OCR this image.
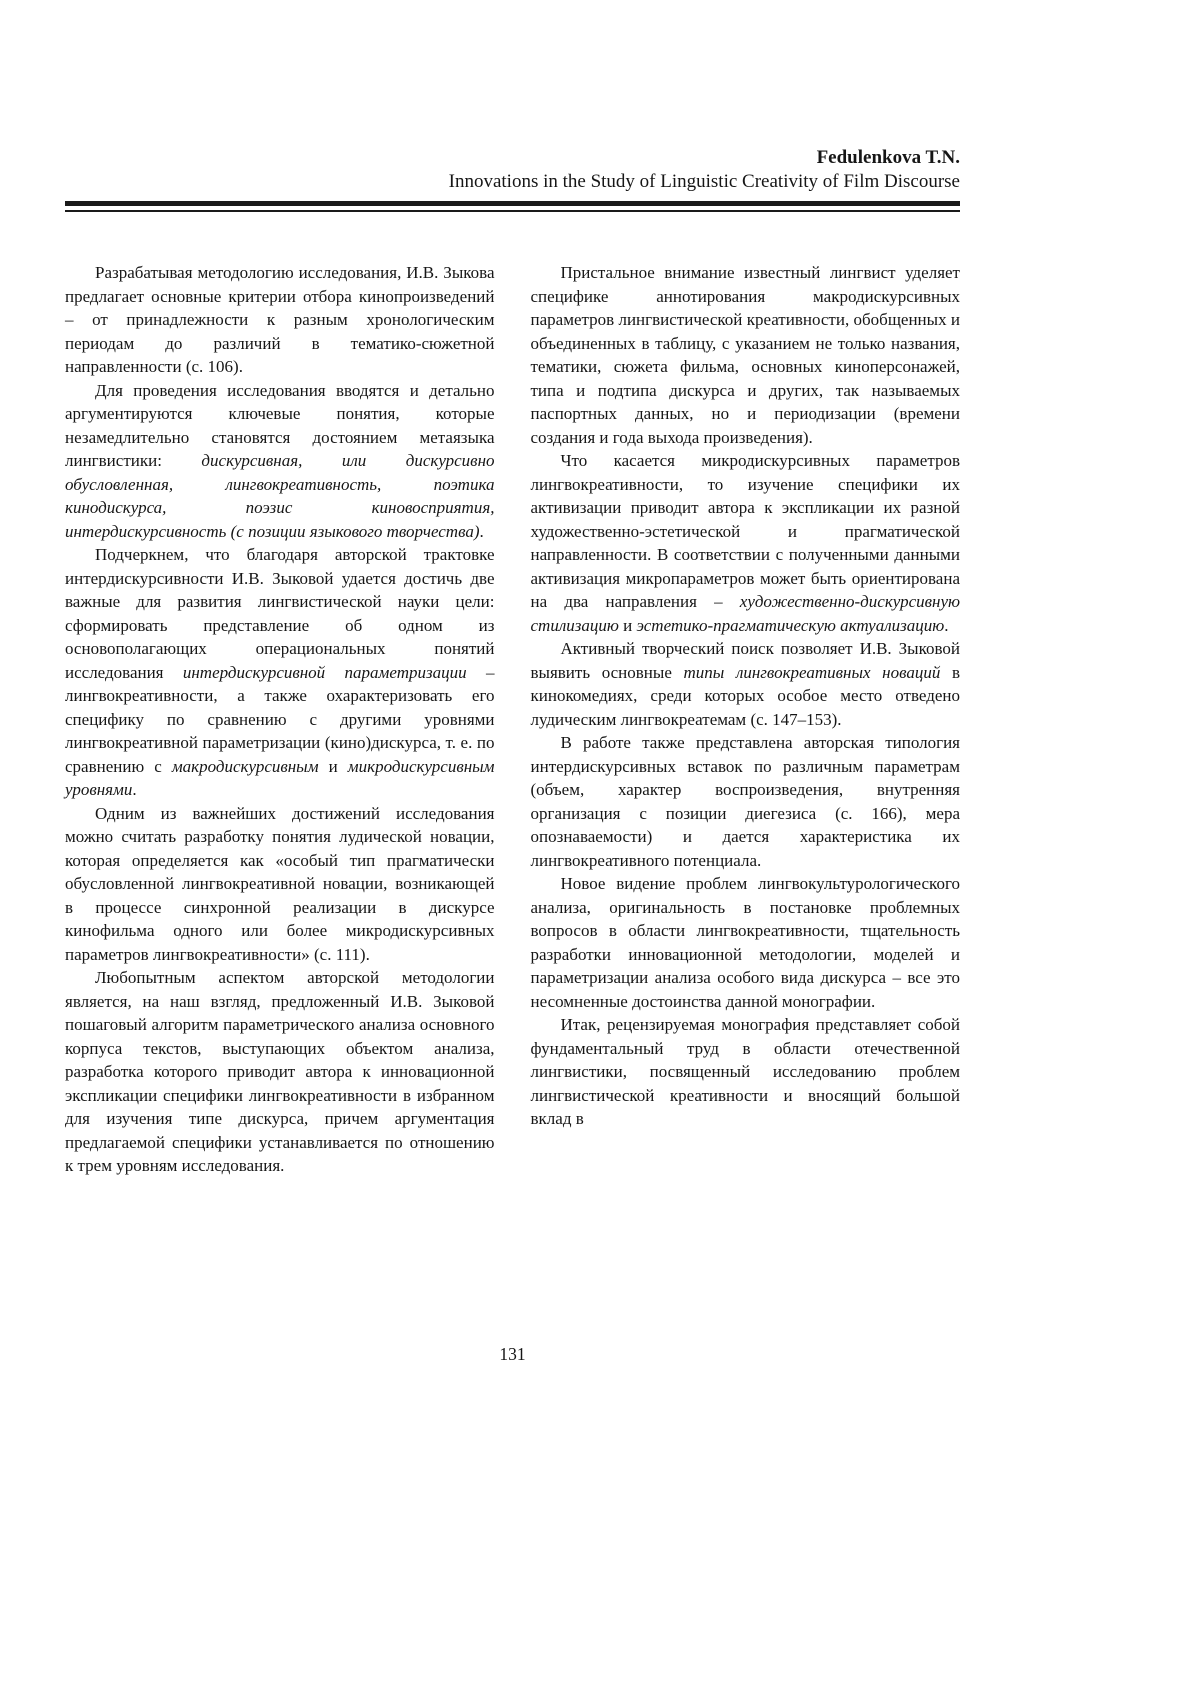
Fedulenkova T.N.
Innovations in the Study of Linguistic Creativity of Film Discourse

Разрабатывая методологию исследования, И.В. Зыкова предлагает основные критерии отбора кинопроизведений – от принадлежности к разным хронологическим периодам до различий в тематико-сюжетной направленности (с. 106).

Для проведения исследования вводятся и детально аргументируются ключевые понятия, которые незамедлительно становятся достоянием метаязыка лингвистики: дискурсивная, или дискурсивно обусловленная, лингвокреативность, поэтика кинодискурса, поэзис киновосприятия, интердискурсивность (с позиции языкового творчества).

Подчеркнем, что благодаря авторской трактовке интердискурсивности И.В. Зыковой удается достичь две важные для развития лингвистической науки цели: сформировать представление об одном из основополагающих операциональных понятий исследования интердискурсивной параметризации – лингвокреативности, а также охарактеризовать его специфику по сравнению с другими уровнями лингвокреативной параметризации (кино)дискурса, т. е. по сравнению с макродискурсивным и микродискурсивным уровнями.

Одним из важнейших достижений исследования можно считать разработку понятия лудической новации, которая определяется как «особый тип прагматически обусловленной лингвокреативной новации, возникающей в процессе синхронной реализации в дискурсе кинофильма одного или более микродискурсивных параметров лингвокреативности» (с. 111).

Любопытным аспектом авторской методологии является, на наш взгляд, предложенный И.В. Зыковой пошаговый алгоритм параметрического анализа основного корпуса текстов, выступающих объектом анализа, разработка которого приводит автора к инновационной экспликации специфики лингвокреативности в избранном для изучения типе дискурса, причем аргументация предлагаемой специфики устанавливается по отношению к трем уровням исследования.

Пристальное внимание известный лингвист уделяет специфике аннотирования макродискурсивных параметров лингвистической креативности, обобщенных и объединенных в таблицу, с указанием не только названия, тематики, сюжета фильма, основных киноперсонажей, типа и подтипа дискурса и других, так называемых паспортных данных, но и периодизации (времени создания и года выхода произведения).

Что касается микродискурсивных параметров лингвокреативности, то изучение специфики их активизации приводит автора к экспликации их разной художественно-эстетической и прагматической направленности. В соответствии с полученными данными активизация микропараметров может быть ориентирована на два направления – художественно-дискурсивную стилизацию и эстетико-прагматическую актуализацию.

Активный творческий поиск позволяет И.В. Зыковой выявить основные типы лингвокреативных новаций в кинокомедиях, среди которых особое место отведено лудическим лингвокреатемам (с. 147–153).

В работе также представлена авторская типология интердискурсивных вставок по различным параметрам (объем, характер воспроизведения, внутренняя организация с позиции диегезиса (с. 166), мера опознаваемости) и дается характеристика их лингвокреативного потенциала.

Новое видение проблем лингвокультурологического анализа, оригинальность в постановке проблемных вопросов в области лингвокреативности, тщательность разработки инновационной методологии, моделей и параметризации анализа особого вида дискурса – все это несомненные достоинства данной монографии.

Итак, рецензируемая монография представляет собой фундаментальный труд в области отечественной лингвистики, посвященный исследованию проблем лингвистической креативности и вносящий большой вклад в

131
